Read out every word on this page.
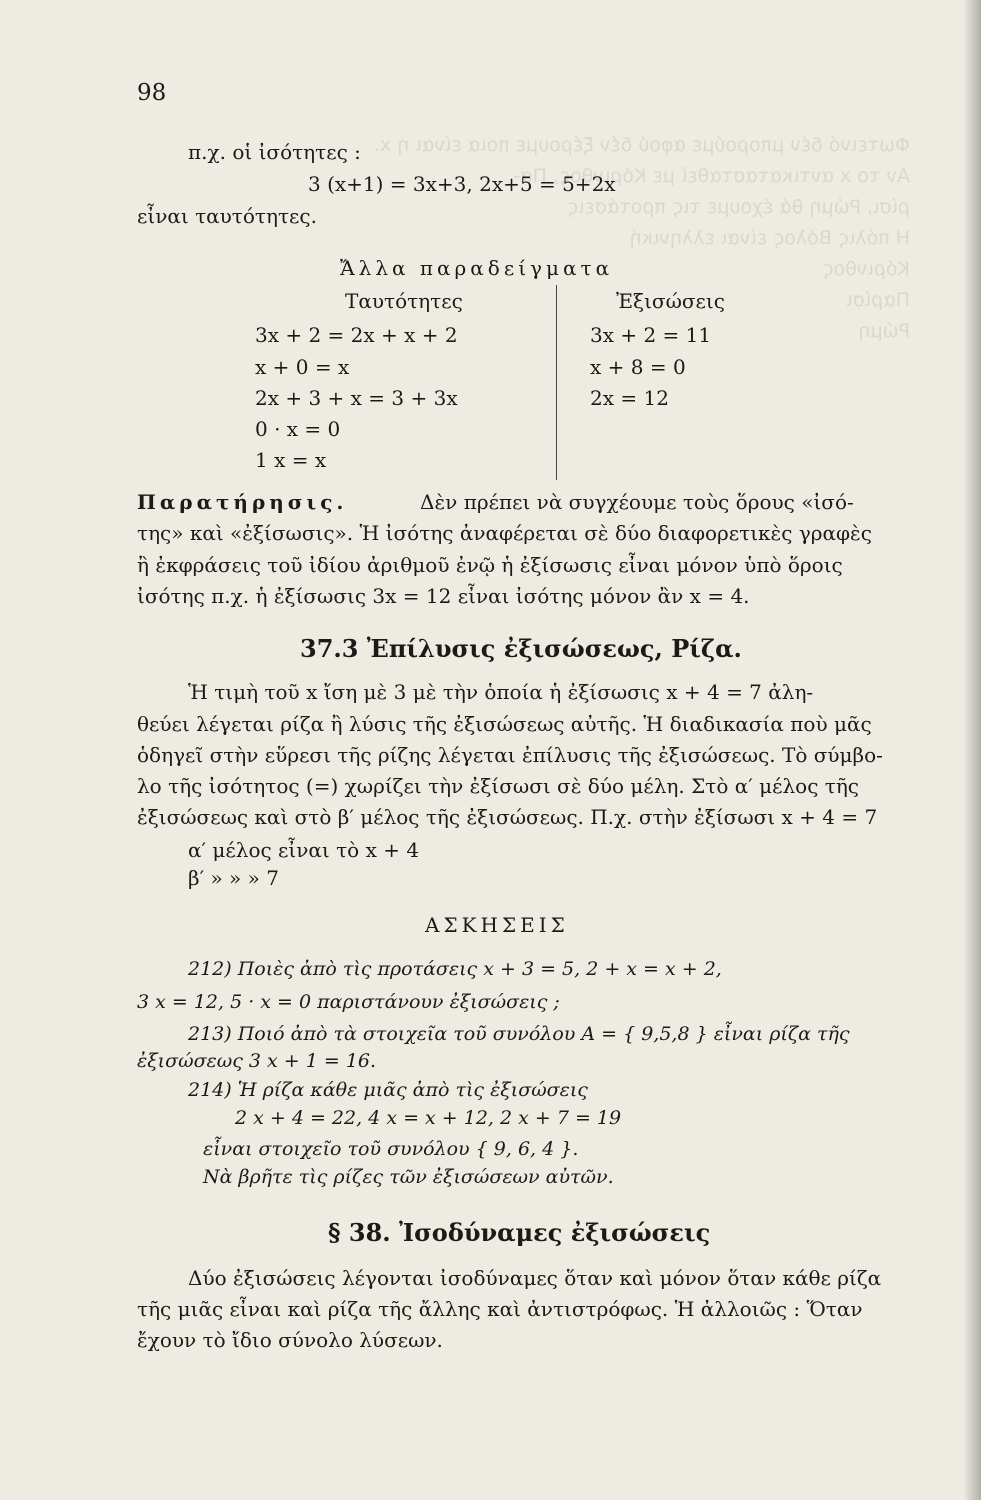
Φωτεινό δέν μπορούμε αφού δέν ξέρουμε ποια είναι η x.
Αν το x αντικατασταθεί με Κόρινθος, Πα-
ρίσι, Ρώμη θά έχουμε τις προτάσεις
Η πόλις Βόλος είναι ελληνική
Κόρινθος
Παρίσι
Ρώμη
98
π.χ. οἱ ἰσότητες :
3 (x+1) = 3x+3, 2x+5 = 5+2x
εἶναι ταυτότητες.
Ἄλλα παραδείγματα
Ταυτότητες	Ἐξισώσεις
3x + 2 = 2x + x + 2
x + 0 = x
2x + 3 + x = 3 + 3x
0 · x = 0
1 x = x
3x + 2 = 11
x + 8 = 0
2x = 12
Παρατήρησις.	Δὲν πρέπει νὰ συγχέουμε τοὺς ὅρους «ἰσό-
της» καὶ «ἐξίσωσις». Ἡ ἰσότης ἀναφέρεται σὲ δύο διαφορετικὲς γραφὲς
ἢ ἐκφράσεις τοῦ ἰδίου ἀριθμοῦ ἐνῷ ἡ ἐξίσωσις εἶναι μόνον ὑπὸ ὅροις
ἰσότης π.χ. ἡ ἐξίσωσις 3x = 12 εἶναι ἰσότης μόνον ἂν x = 4.
37.3 Ἐπίλυσις ἐξισώσεως, Ρίζα.
Ἡ τιμὴ τοῦ x ἴση μὲ 3 μὲ τὴν ὁποία ἡ ἐξίσωσις x + 4 = 7 ἀλη-
θεύει λέγεται ρίζα ἢ λύσις τῆς ἐξισώσεως αὐτῆς. Ἡ διαδικασία ποὺ μᾶς
ὁδηγεῖ στὴν εὕρεσι τῆς ρίζης λέγεται ἐπίλυσις τῆς ἐξισώσεως. Τὸ σύμβο-
λο τῆς ἰσότητος (=) χωρίζει τὴν ἐξίσωσι σὲ δύο μέλη. Στὸ α′ μέλος τῆς
ἐξισώσεως καὶ στὸ β′ μέλος τῆς ἐξισώσεως. Π.χ. στὴν ἐξίσωσι x + 4 = 7
α′ μέλος εἶναι τὸ x + 4
β′ » » » 7
ΑΣΚΗΣΕΙΣ
212) Ποιὲς ἀπὸ τὶς προτάσεις x + 3 = 5, 2 + x = x + 2,
3 x = 12, 5 · x = 0 παριστάνουν ἐξισώσεις ;
213) Ποιό ἀπὸ τὰ στοιχεῖα τοῦ συνόλου Α = { 9,5,8 } εἶναι ρίζα τῆς
ἐξισώσεως 3 x + 1 = 16.
214) Ἡ ρίζα κάθε μιᾶς ἀπὸ τὶς ἐξισώσεις
2 x + 4 = 22, 4 x = x + 12, 2 x + 7 = 19
εἶναι στοιχεῖο τοῦ συνόλου { 9, 6, 4 }.
Νὰ βρῆτε τὶς ρίζες τῶν ἐξισώσεων αὐτῶν.
§ 38. Ἰσοδύναμες ἐξισώσεις
Δύο ἐξισώσεις λέγονται ἰσοδύναμες ὅταν καὶ μόνον ὅταν κάθε ρίζα
τῆς μιᾶς εἶναι καὶ ρίζα τῆς ἄλλης καὶ ἀντιστρόφως. Ἡ ἀλλοιῶς : Ὅταν
ἔχουν τὸ ἴδιο σύνολο λύσεων.
